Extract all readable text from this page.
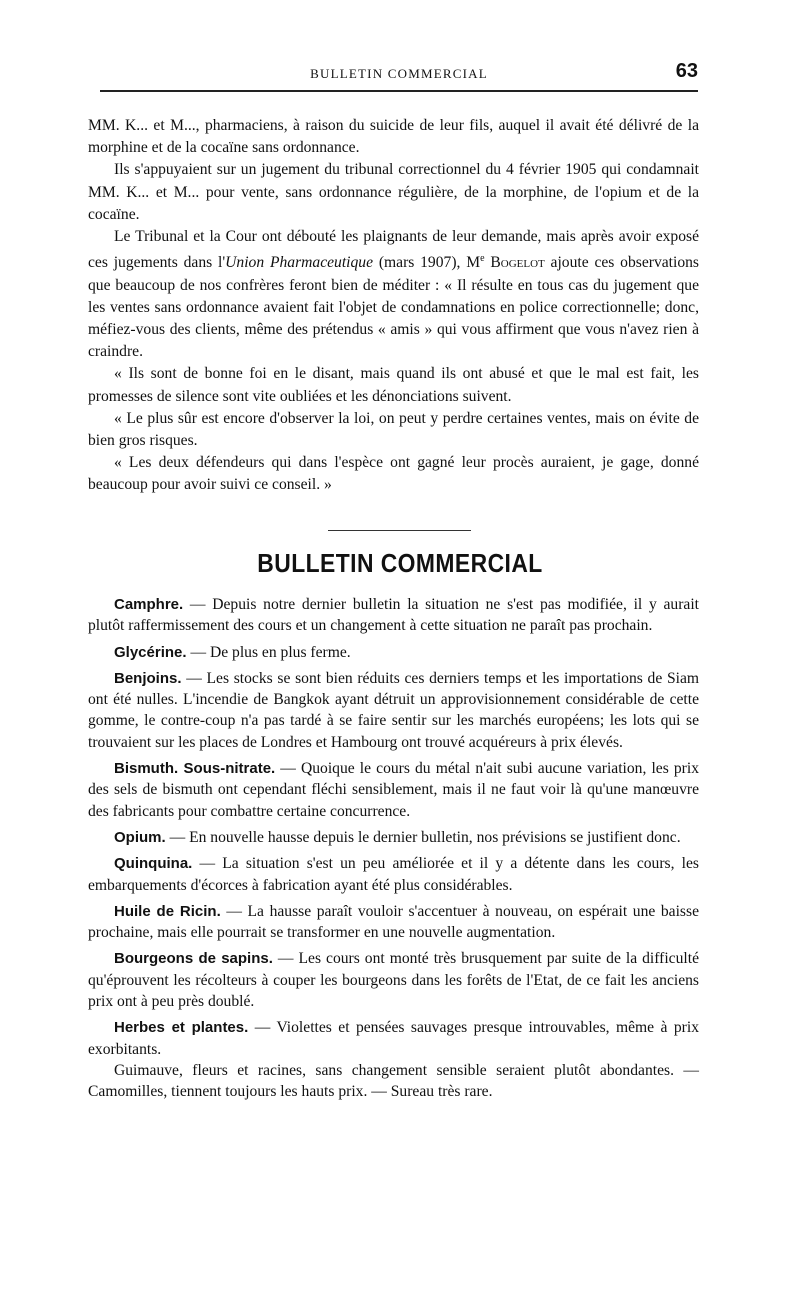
BULLETIN COMMERCIAL	63

MM. K... et M..., pharmaciens, à raison du suicide de leur fils, auquel il avait été délivré de la morphine et de la cocaïne sans ordonnance.

Ils s'appuyaient sur un jugement du tribunal correctionnel du 4 février 1905 qui condamnait MM. K... et M... pour vente, sans ordonnance régulière, de la morphine, de l'opium et de la cocaïne.

Le Tribunal et la Cour ont débouté les plaignants de leur demande, mais après avoir exposé ces jugements dans l'Union Pharmaceutique (mars 1907), Me Bogelot ajoute ces observations que beaucoup de nos confrères feront bien de méditer : « Il résulte en tous cas du jugement que les ventes sans ordonnance avaient fait l'objet de condamnations en police correctionnelle; donc, méfiez-vous des clients, même des prétendus « amis » qui vous affirment que vous n'avez rien à craindre.

« Ils sont de bonne foi en le disant, mais quand ils ont abusé et que le mal est fait, les promesses de silence sont vite oubliées et les dénonciations suivent.

« Le plus sûr est encore d'observer la loi, on peut y perdre certaines ventes, mais on évite de bien gros risques.

« Les deux défendeurs qui dans l'espèce ont gagné leur procès auraient, je gage, donné beaucoup pour avoir suivi ce conseil. »

BULLETIN COMMERCIAL

Camphre. — Depuis notre dernier bulletin la situation ne s'est pas modifiée, il y aurait plutôt raffermissement des cours et un changement à cette situation ne paraît pas prochain.

Glycérine. — De plus en plus ferme.

Benjoins. — Les stocks se sont bien réduits ces derniers temps et les importations de Siam ont été nulles. L'incendie de Bangkok ayant détruit un approvisionnement considérable de cette gomme, le contre-coup n'a pas tardé à se faire sentir sur les marchés européens; les lots qui se trouvaient sur les places de Londres et Hambourg ont trouvé acquéreurs à prix élevés.

Bismuth. Sous-nitrate. — Quoique le cours du métal n'ait subi aucune variation, les prix des sels de bismuth ont cependant fléchi sensiblement, mais il ne faut voir là qu'une manœuvre des fabricants pour combattre certaine concurrence.

Opium. — En nouvelle hausse depuis le dernier bulletin, nos prévisions se justifient donc.

Quinquina. — La situation s'est un peu améliorée et il y a détente dans les cours, les embarquements d'écorces à fabrication ayant été plus considérables.

Huile de Ricin. — La hausse paraît vouloir s'accentuer à nouveau, on espérait une baisse prochaine, mais elle pourrait se transformer en une nouvelle augmentation.

Bourgeons de sapins. — Les cours ont monté très brusquement par suite de la difficulté qu'éprouvent les récolteurs à couper les bourgeons dans les forêts de l'Etat, de ce fait les anciens prix ont à peu près doublé.

Herbes et plantes. — Violettes et pensées sauvages presque introuvables, même à prix exorbitants.

Guimauve, fleurs et racines, sans changement sensible seraient plutôt abondantes. — Camomilles, tiennent toujours les hauts prix. — Sureau très rare.
